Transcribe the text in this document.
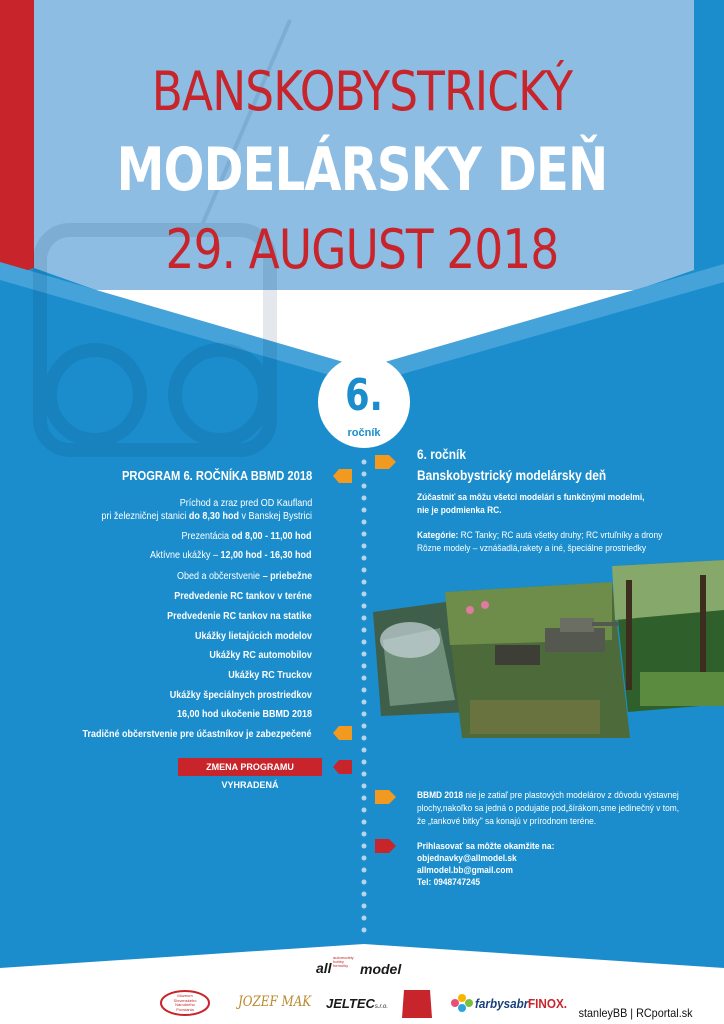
BANSKOBYSTRICKÝ
MODELÁRSKY DEŇ
29. AUGUST 2018
6.
ročník
PROGRAM 6. ROČNÍKA BBMD 2018
Príchod a zraz pred OD Kaufland
pri železničnej stanici do 8,30 hod v Banskej Bystrici
Prezentácia od 8,00 - 11,00 hod
Aktívne ukážky – 12,00 hod - 16,30 hod
Obed a občerstvenie – priebežne
Predvedenie RC tankov v teréne
Predvedenie RC tankov na statike
Ukážky lietajúcich modelov
Ukážky RC automobilov
Ukážky RC Truckov
Ukážky špeciálnych prostriedkov
16,00 hod ukočenie BBMD 2018
Tradičné občerstvenie pre účastníkov je zabezpečené
ZMENA PROGRAMU VYHRADENÁ
6. ročník
Banskobystrický modelársky deň
Zúčastniť sa môžu všetci modelári s funkčnými modelmi,
nie je podmienka RC.
Kategórie: RC Tanky; RC autá všetky druhy; RC vrtuľníky a drony
Rôzne modely – vznášadlá,rakety a iné, špeciálne prostriedky
BBMD 2018 nie je zatiaľ pre plastových modelárov z dôvodu výstavnej
plochy,nakoľko sa jedná o podujatie pod„šírákom,sme jedinečný v tom,
že „tankové bitky" sa konajú v prírodnom teréne.
Prihlasovať sa môžte okamžite na:
objednavky@allmodel.sk
allmodel.bb@gmail.com
Tel: 0948747245
all
automodely hobby formulky model
Múzeum
Slovenského
Národného
Povstania	JOZEF MAK JELTECs.r.o.	farbysabr FINOX.
stanleyBB | RCportal.sk
